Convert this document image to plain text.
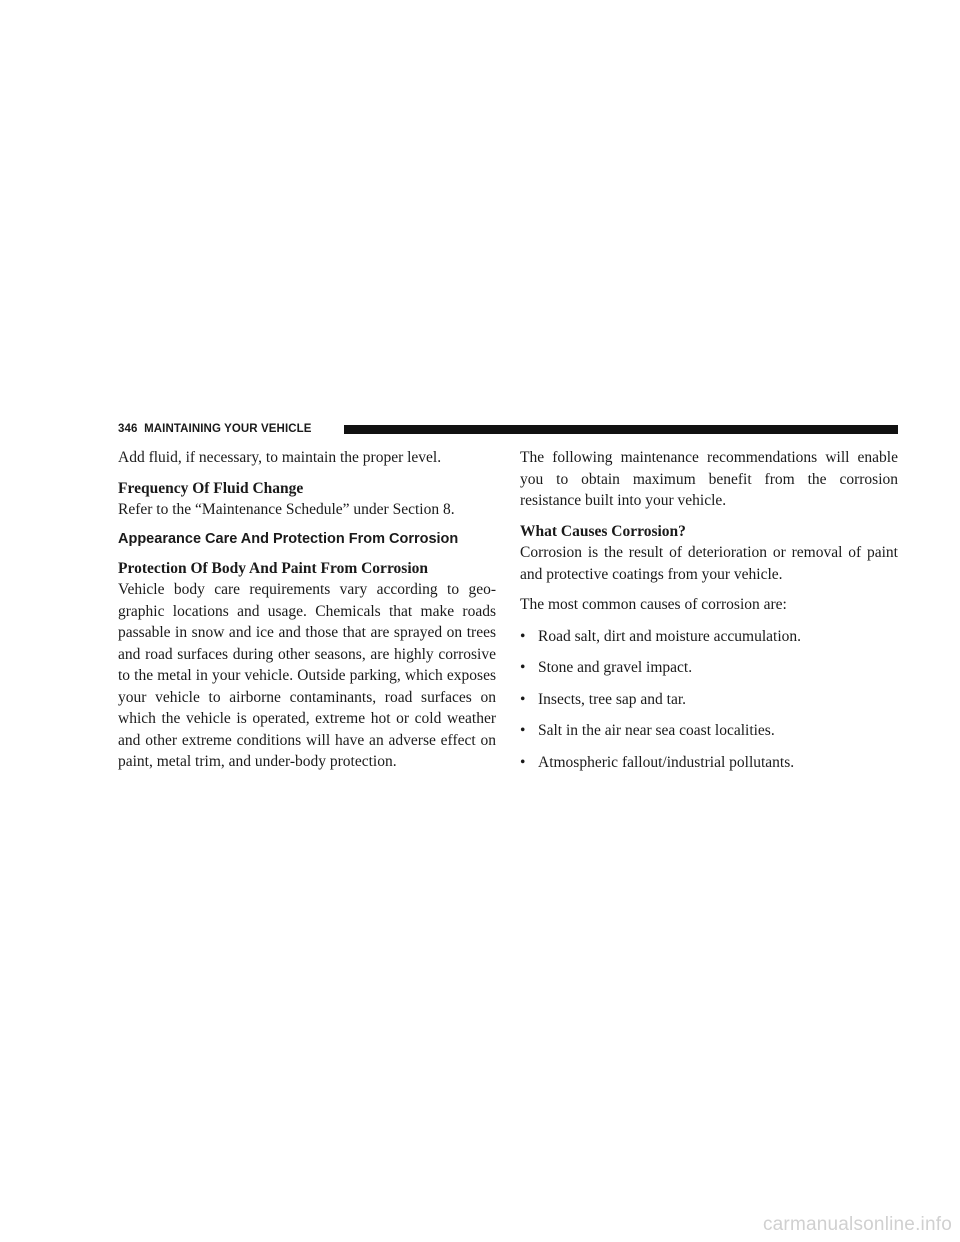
346 MAINTAINING YOUR VEHICLE

Add fluid, if necessary, to maintain the proper level.

Frequency Of Fluid Change

Refer to the “Maintenance Schedule” under Section 8.

Appearance Care And Protection From Corrosion

Protection Of Body And Paint From Corrosion

Vehicle body care requirements vary according to geo-graphic locations and usage. Chemicals that make roads passable in snow and ice and those that are sprayed on trees and road surfaces during other seasons, are highly corrosive to the metal in your vehicle. Outside parking, which exposes your vehicle to airborne contaminants, road surfaces on which the vehicle is operated, extreme hot or cold weather and other extreme conditions will have an adverse effect on paint, metal trim, and under-body protection.

The following maintenance recommendations will enable you to obtain maximum benefit from the corrosion resistance built into your vehicle.

What Causes Corrosion?

Corrosion is the result of deterioration or removal of paint and protective coatings from your vehicle.

The most common causes of corrosion are:

• Road salt, dirt and moisture accumulation.
• Stone and gravel impact.
• Insects, tree sap and tar.
• Salt in the air near sea coast localities.
• Atmospheric fallout/industrial pollutants.
carmanualsonline.info
